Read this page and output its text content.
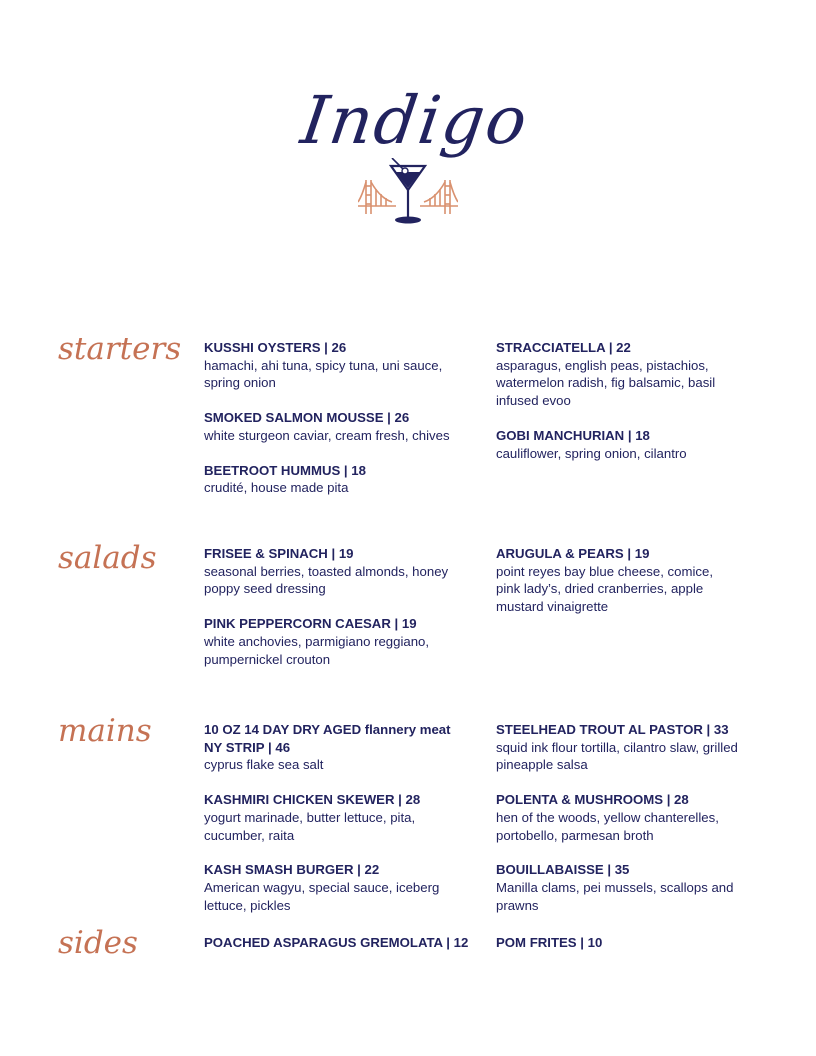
Indigo
starters KUSSHI OYSTERS | 26
hamachi, ahi tuna, spicy tuna, uni sauce, spring onion
SMOKED SALMON MOUSSE | 26
white sturgeon caviar, cream fresh, chives
BEETROOT HUMMUS | 18
crudité, house made pita
STRACCIATELLA | 22
asparagus, english peas, pistachios, watermelon radish, fig balsamic, basil infused evoo
GOBI MANCHURIAN | 18
cauliflower, spring onion, cilantro
salads	FRISEE & SPINACH | 19
seasonal berries, toasted almonds, honey poppy seed dressing
PINK PEPPERCORN CAESAR | 19
white anchovies, parmigiano reggiano, pumpernickel crouton
ARUGULA & PEARS | 19
point reyes bay blue cheese, comice, pink lady’s, dried cranberries, apple mustard vinaigrette
mains	10 OZ 14 DAY DRY AGED flannery meat NY STRIP | 46
cyprus flake sea salt
KASHMIRI CHICKEN SKEWER | 28
yogurt marinade, butter lettuce, pita, cucumber, raita
KASH SMASH BURGER | 22
American wagyu, special sauce, iceberg lettuce, pickles
STEELHEAD TROUT AL PASTOR | 33
squid ink flour tortilla, cilantro slaw, grilled pineapple salsa
POLENTA & MUSHROOMS | 28
hen of the woods, yellow chanterelles, portobello, parmesan broth
BOUILLABAISSE | 35
Manilla clams, pei mussels, scallops and prawns
sides	POACHED ASPARAGUS GREMOLATA | 12	POM FRITES | 10
